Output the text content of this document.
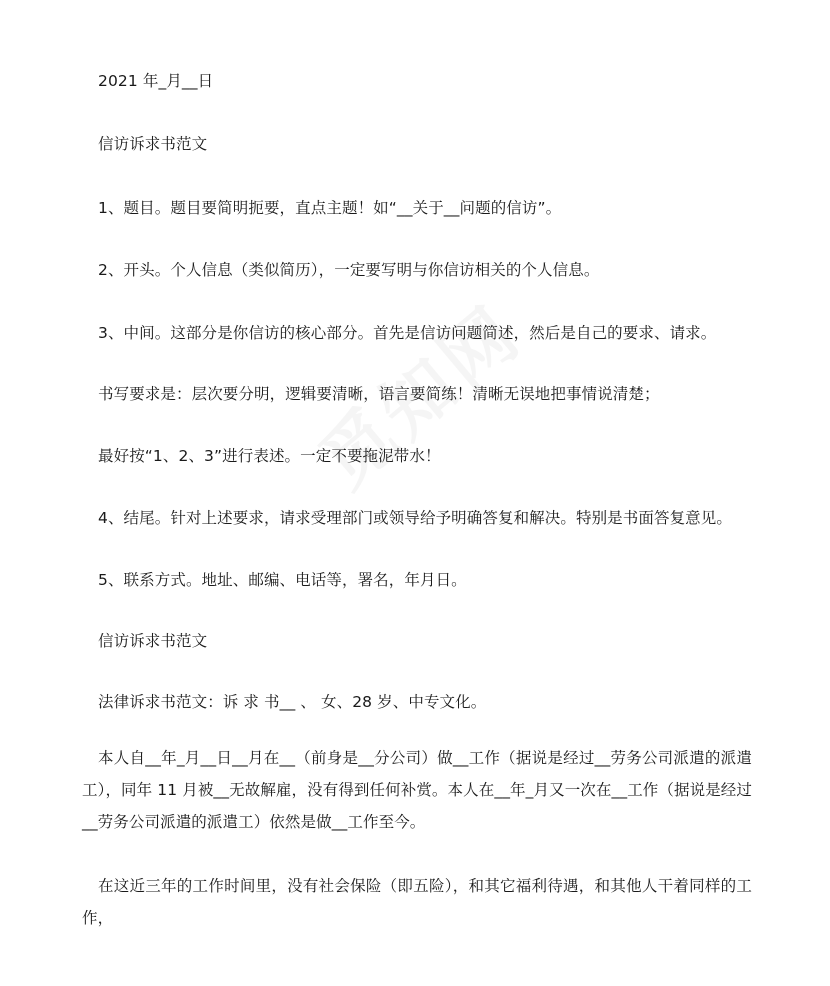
2021 年_月__日
信访诉求书范文
1、题目。题目要简明扼要，直点主题！如“__关于__问题的信访”。
2、开头。个人信息（类似简历），一定要写明与你信访相关的个人信息。
3、中间。这部分是你信访的核心部分。首先是信访问题简述，然后是自己的要求、请求。
书写要求是：层次要分明，逻辑要清晰，语言要简练！清晰无误地把事情说清楚；
最好按“1、2、3”进行表述。一定不要拖泥带水！
4、结尾。针对上述要求，请求受理部门或领导给予明确答复和解决。特别是书面答复意见。
5、联系方式。地址、邮编、电话等，署名，年月日。
信访诉求书范文
法律诉求书范文：诉 求 书__ 、 女、28 岁、中专文化。
本人自__年_月__日__月在__（前身是__分公司）做__工作（据说是经过__劳务公司派遣的派遣工），同年 11 月被__无故解雇，没有得到任何补赏。本人在__年_月又一次在__工作（据说是经过__劳务公司派遣的派遣工）依然是做__工作至今。
在这近三年的工作时间里，没有社会保险（即五险），和其它福利待遇，和其他人干着同样的工作，
